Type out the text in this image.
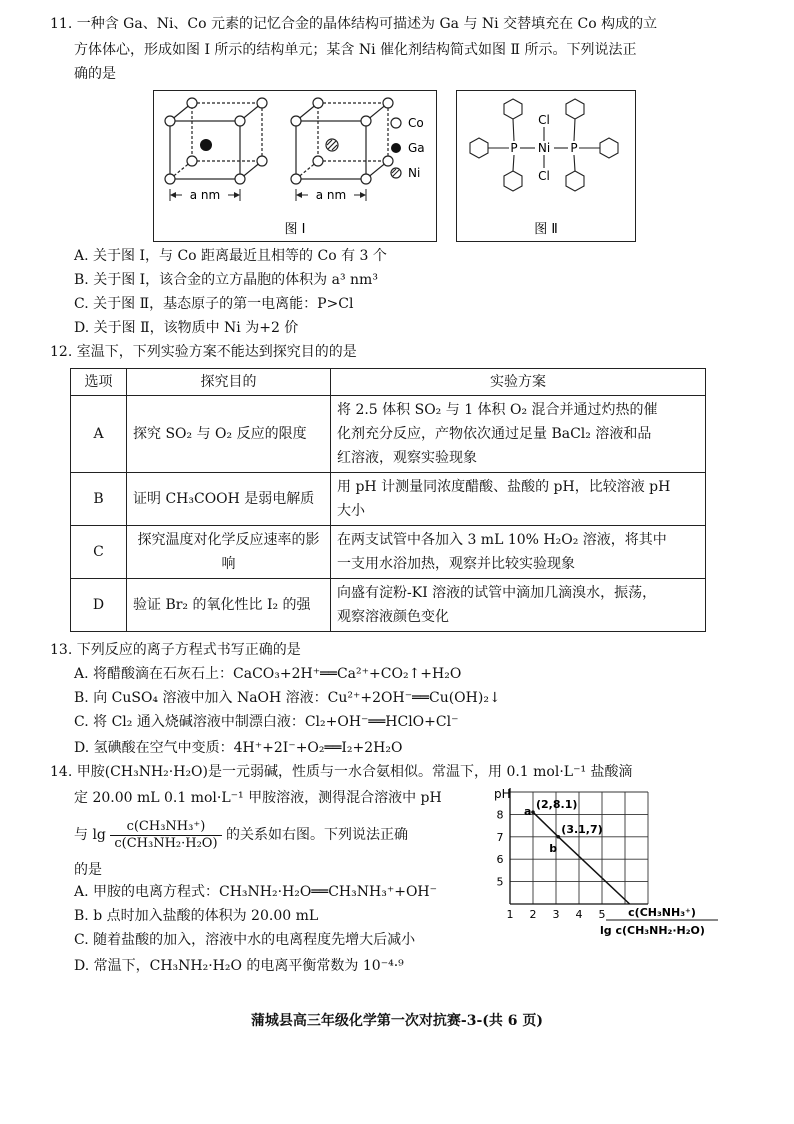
11. 一种含 Ga、Ni、Co 元素的记忆合金的晶体结构可描述为 Ga 与 Ni 交替填充在 Co 构成的立
方体体心，形成如图 Ⅰ 所示的结构单元；某含 Ni 催化剂结构简式如图 Ⅱ 所示。下列说法正
确的是
a nm	a nm
Co
Ga
Ni
图 Ⅰ
P	P
Ni
Cl
Cl
图 Ⅱ
A. 关于图 Ⅰ，与 Co 距离最近且相等的 Co 有 3 个
B. 关于图 Ⅰ，该合金的立方晶胞的体积为 a³ nm³
C. 关于图 Ⅱ，基态原子的第一电离能：P>Cl
D. 关于图 Ⅱ，该物质中 Ni 为+2 价
12. 室温下，下列实验方案不能达到探究目的的是
选项	探究目的	实验方案
A	探究 SO₂ 与 O₂ 反应的限度	将 2.5 体积 SO₂ 与 1 体积 O₂ 混合并通过灼热的催
化剂充分反应，产物依次通过足量 BaCl₂ 溶液和品
红溶液，观察实验现象

B	证明 CH₃COOH 是弱电解质	用 pH 计测量同浓度醋酸、盐酸的 pH，比较溶液 pH
大小

C	探究温度对化学反应速率的影响	在两支试管中各加入 3 mL 10% H₂O₂ 溶液，将其中
一支用水浴加热，观察并比较实验现象

D	验证 Br₂ 的氧化性比 I₂ 的强	向盛有淀粉-KI 溶液的试管中滴加几滴溴水，振荡，
观察溶液颜色变化
13. 下列反应的离子方程式书写正确的是
A. 将醋酸滴在石灰石上：CaCO₃+2H⁺══Ca²⁺+CO₂↑+H₂O
B. 向 CuSO₄ 溶液中加入 NaOH 溶液：Cu²⁺+2OH⁻══Cu(OH)₂↓
C. 将 Cl₂ 通入烧碱溶液中制漂白液：Cl₂+OH⁻══HClO+Cl⁻
D. 氢碘酸在空气中变质：4H⁺+2I⁻+O₂══I₂+2H₂O
14. 甲胺(CH₃NH₂·H₂O)是一元弱碱，性质与一水合氨相似。常温下，用 0.1 mol·L⁻¹ 盐酸滴
定 20.00 mL 0.1 mol·L⁻¹ 甲胺溶液，测得混合溶液中 pH
与 $\lg \frac{\text{c(CH₃NH₃⁺)}}{\text{c(CH₃NH₂·H₂O)}}$ 的关系如右图。下列说法正确
的是
A. 甲胺的电离方程式：CH₃NH₂·H₂O══CH₃NH₃⁺+OH⁻
B. b 点时加入盐酸的体积为 20.00 mL
C. 随着盐酸的加入，溶液中水的电离程度先增大后减小
D. 常温下，CH₃NH₂·H₂O 的电离平衡常数为 10⁻⁴·⁹
1 2 3 4 5
5
6
7
8 a
(2,8.1)
b
(3.1,7)
pH
c(CH₃NH₃⁺)
lg c(CH₃NH₂·H₂O)
蒲城县高三年级化学第一次对抗赛-3-(共 6 页)
